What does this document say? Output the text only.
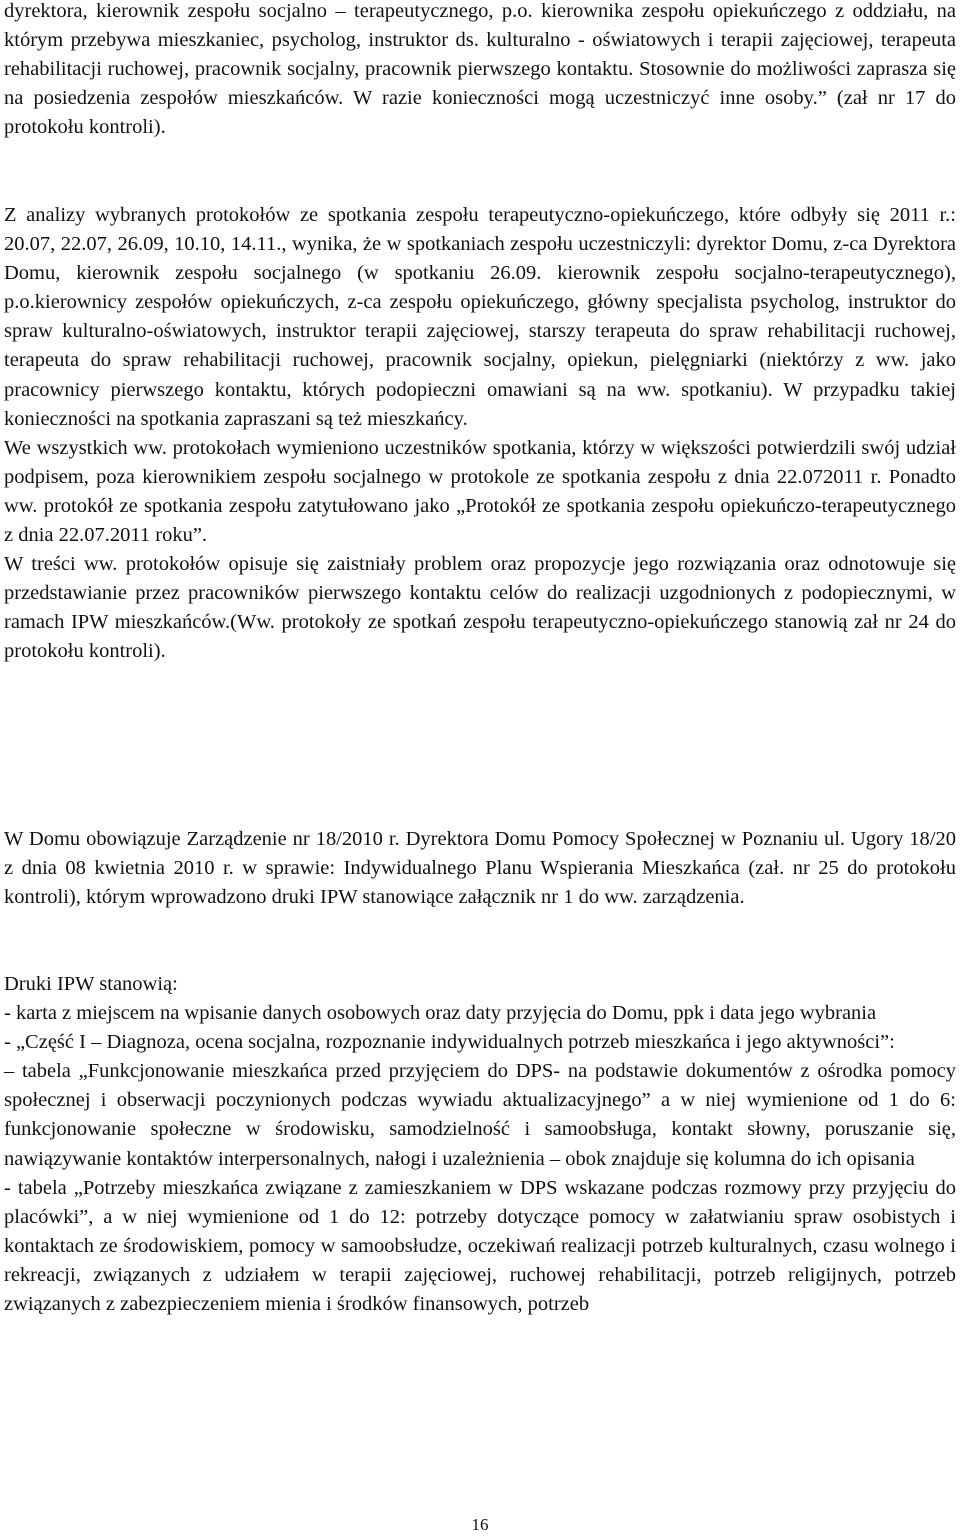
dyrektora, kierownik zespołu socjalno – terapeutycznego, p.o. kierownika zespołu opiekuńczego z oddziału, na którym przebywa mieszkaniec, psycholog, instruktor ds. kulturalno - oświatowych i terapii zajęciowej, terapeuta rehabilitacji ruchowej, pracownik socjalny, pracownik pierwszego kontaktu. Stosownie do możliwości zaprasza się na posiedzenia zespołów mieszkańców. W razie konieczności mogą uczestniczyć inne osoby.” (zał nr 17 do protokołu kontroli).

Z analizy wybranych protokołów ze spotkania zespołu terapeutyczno-opiekuńczego, które odbyły się 2011 r.: 20.07, 22.07, 26.09, 10.10, 14.11., wynika, że w spotkaniach zespołu uczestniczyli: dyrektor Domu, z-ca Dyrektora Domu, kierownik zespołu socjalnego (w spotkaniu 26.09. kierownik zespołu socjalno-terapeutycznego), p.o.kierownicy zespołów opiekuńczych, z-ca zespołu opiekuńczego, główny specjalista psycholog, instruktor do spraw kulturalno-oświatowych, instruktor terapii zajęciowej, starszy terapeuta do spraw rehabilitacji ruchowej, terapeuta do spraw rehabilitacji ruchowej, pracownik socjalny, opiekun, pielęgniarki (niektórzy z ww. jako pracownicy pierwszego kontaktu, których podopieczni omawiani są na ww. spotkaniu). W przypadku takiej konieczności na spotkania zapraszani są też mieszkańcy.

We wszystkich ww. protokołach wymieniono uczestników spotkania, którzy w większości potwierdzili swój udział podpisem, poza kierownikiem zespołu socjalnego w protokole ze spotkania zespołu z dnia 22.072011 r. Ponadto ww. protokół ze spotkania zespołu zatytułowano jako „Protokół ze spotkania zespołu opiekuńczo-terapeutycznego z dnia 22.07.2011 roku”.

W treści ww. protokołów opisuje się zaistniały problem oraz propozycje jego rozwiązania oraz odnotowuje się przedstawianie przez pracowników pierwszego kontaktu celów do realizacji uzgodnionych z podopiecznymi, w ramach IPW mieszkańców.(Ww. protokoły ze spotkań zespołu terapeutyczno-opiekuńczego stanowią zał nr 24 do protokołu kontroli).

W Domu obowiązuje Zarządzenie nr 18/2010 r. Dyrektora Domu Pomocy Społecznej w Poznaniu ul. Ugory 18/20 z dnia 08 kwietnia 2010 r. w sprawie: Indywidualnego Planu Wspierania Mieszkańca (zał. nr 25 do protokołu kontroli), którym wprowadzono druki IPW stanowiące załącznik nr 1 do ww. zarządzenia.

Druki IPW stanowią:

- karta z miejscem na wpisanie danych osobowych oraz daty przyjęcia do Domu, ppk i data jego wybrania

- „Część I – Diagnoza, ocena socjalna, rozpoznanie indywidualnych potrzeb mieszkańca i jego aktywności”:

– tabela „Funkcjonowanie mieszkańca przed przyjęciem do DPS- na podstawie dokumentów z ośrodka pomocy społecznej i obserwacji poczynionych podczas wywiadu aktualizacyjnego” a w niej wymienione od 1 do 6: funkcjonowanie społeczne w środowisku, samodzielność i samoobsługa, kontakt słowny, poruszanie się, nawiązywanie kontaktów interpersonalnych, nałogi i uzależnienia – obok znajduje się kolumna do ich opisania

- tabela „Potrzeby mieszkańca związane z zamieszkaniem w DPS wskazane podczas rozmowy przy przyjęciu do placówki”, a w niej wymienione od 1 do 12: potrzeby dotyczące pomocy w załatwianiu spraw osobistych i kontaktach ze środowiskiem, pomocy w samoobsłudze, oczekiwań realizacji potrzeb kulturalnych, czasu wolnego i rekreacji, związanych z udziałem w terapii zajęciowej, ruchowej rehabilitacji, potrzeb religijnych, potrzeb związanych z zabezpieczeniem mienia i środków finansowych, potrzeb

16
